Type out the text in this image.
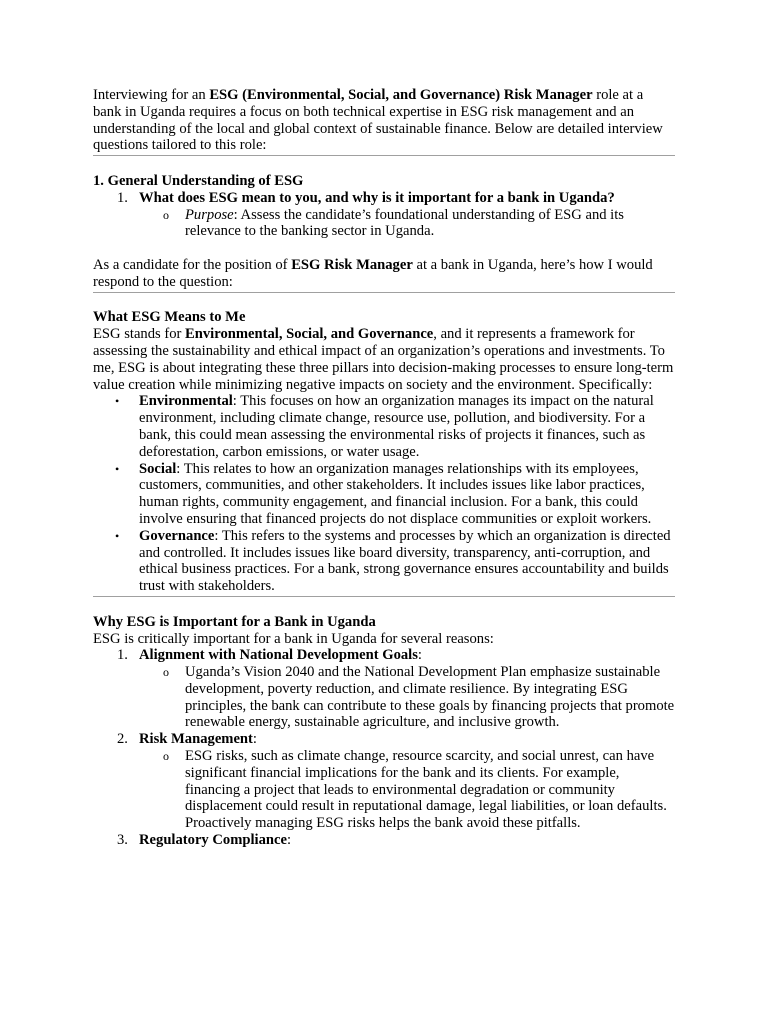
Interviewing for an ESG (Environmental, Social, and Governance) Risk Manager role at a bank in Uganda requires a focus on both technical expertise in ESG risk management and an understanding of the local and global context of sustainable finance. Below are detailed interview questions tailored to this role:

1. General Understanding of ESG

1. What does ESG mean to you, and why is it important for a bank in Uganda?
o Purpose: Assess the candidate’s foundational understanding of ESG and its relevance to the banking sector in Uganda.

As a candidate for the position of ESG Risk Manager at a bank in Uganda, here’s how I would respond to the question:

What ESG Means to Me

ESG stands for Environmental, Social, and Governance, and it represents a framework for assessing the sustainability and ethical impact of an organization’s operations and investments. To me, ESG is about integrating these three pillars into decision-making processes to ensure long-term value creation while minimizing negative impacts on society and the environment. Specifically:

• Environmental: This focuses on how an organization manages its impact on the natural environment, including climate change, resource use, pollution, and biodiversity. For a bank, this could mean assessing the environmental risks of projects it finances, such as deforestation, carbon emissions, or water usage.
• Social: This relates to how an organization manages relationships with its employees, customers, communities, and other stakeholders. It includes issues like labor practices, human rights, community engagement, and financial inclusion. For a bank, this could involve ensuring that financed projects do not displace communities or exploit workers.
• Governance: This refers to the systems and processes by which an organization is directed and controlled. It includes issues like board diversity, transparency, anti-corruption, and ethical business practices. For a bank, strong governance ensures accountability and builds trust with stakeholders.

Why ESG is Important for a Bank in Uganda

ESG is critically important for a bank in Uganda for several reasons:

1. Alignment with National Development Goals:
o Uganda’s Vision 2040 and the National Development Plan emphasize sustainable development, poverty reduction, and climate resilience. By integrating ESG principles, the bank can contribute to these goals by financing projects that promote renewable energy, sustainable agriculture, and inclusive growth.
2. Risk Management:
o ESG risks, such as climate change, resource scarcity, and social unrest, can have significant financial implications for the bank and its clients. For example, financing a project that leads to environmental degradation or community displacement could result in reputational damage, legal liabilities, or loan defaults. Proactively managing ESG risks helps the bank avoid these pitfalls.
3. Regulatory Compliance:
